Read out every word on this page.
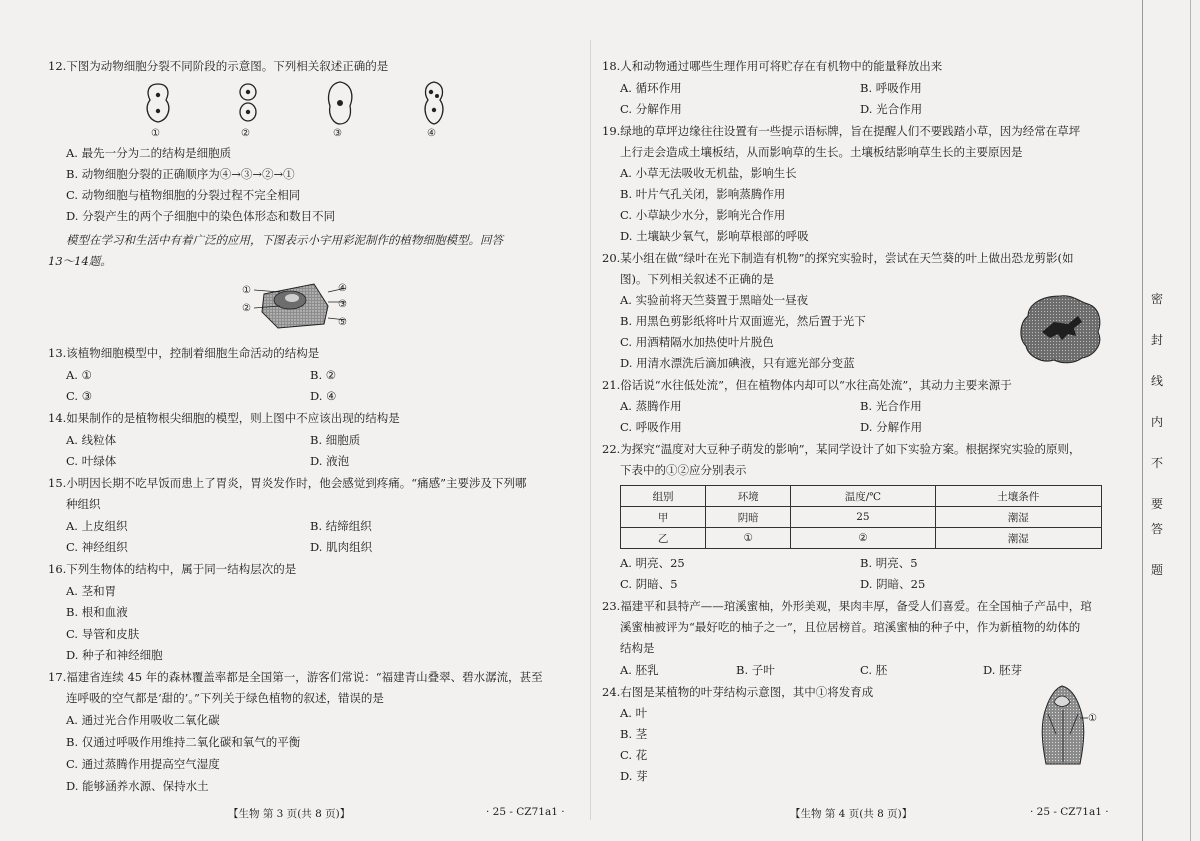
12.下图为动物细胞分裂不同阶段的示意图。下列相关叙述正确的是
①	②	③	④
A. 最先一分为二的结构是细胞质
B. 动物细胞分裂的正确顺序为④→③→②→①
C. 动物细胞与植物细胞的分裂过程不完全相同
D. 分裂产生的两个子细胞中的染色体形态和数目不同
模型在学习和生活中有着广泛的应用，下图表示小宇用彩泥制作的植物细胞模型。回答
13～14题。
①
②	③
④
⑤
13.该植物细胞模型中，控制着细胞生命活动的结构是
A. ①	B. ②
C. ③	D. ④
14.如果制作的是植物根尖细胞的模型，则上图中不应该出现的结构是
A. 线粒体	B. 细胞质
C. 叶绿体	D. 液泡
15.小明因长期不吃早饭而患上了胃炎，胃炎发作时，他会感觉到疼痛。“痛感”主要涉及下列哪
种组织
A. 上皮组织	B. 结缔组织
C. 神经组织	D. 肌肉组织
16.下列生物体的结构中，属于同一结构层次的是
A. 茎和胃
B. 根和血液
C. 导管和皮肤
D. 种子和神经细胞
17.福建省连续 45 年的森林覆盖率都是全国第一，游客们常说：“福建青山叠翠、碧水潺流，甚至
连呼吸的空气都是‘甜的’。”下列关于绿色植物的叙述，错误的是
A. 通过光合作用吸收二氧化碳
B. 仅通过呼吸作用维持二氧化碳和氧气的平衡
C. 通过蒸腾作用提高空气湿度
D. 能够涵养水源、保持水土
【生物 第 3 页(共 8 页)】	· 25 - CZ71a1 ·
18.人和动物通过哪些生理作用可将贮存在有机物中的能量释放出来
A. 循环作用	B. 呼吸作用
C. 分解作用	D. 光合作用
19.绿地的草坪边缘往往设置有一些提示语标牌，旨在提醒人们不要践踏小草，因为经常在草坪
上行走会造成土壤板结，从而影响草的生长。土壤板结影响草生长的主要原因是
A. 小草无法吸收无机盐，影响生长
B. 叶片气孔关闭，影响蒸腾作用
C. 小草缺少水分，影响光合作用
D. 土壤缺少氧气，影响草根部的呼吸
20.某小组在做“绿叶在光下制造有机物”的探究实验时，尝试在天竺葵的叶上做出恐龙剪影(如
图)。下列相关叙述不正确的是
A. 实验前将天竺葵置于黑暗处一昼夜
B. 用黑色剪影纸将叶片双面遮光，然后置于光下
C. 用酒精隔水加热使叶片脱色
D. 用清水漂洗后滴加碘液，只有遮光部分变蓝
21.俗话说“水往低处流”，但在植物体内却可以“水往高处流”，其动力主要来源于
A. 蒸腾作用	B. 光合作用
C. 呼吸作用	D. 分解作用
22.为探究“温度对大豆种子萌发的影响”，某同学设计了如下实验方案。根据探究实验的原则，
下表中的①②应分别表示
组别	环境	温度/℃	土壤条件
甲	阴暗	25	潮湿
乙	①	②	潮湿
A. 明亮、25	B. 明亮、5
C. 阴暗、5	D. 阴暗、25
23.福建平和县特产——琯溪蜜柚，外形美观，果肉丰厚，备受人们喜爱。在全国柚子产品中，琯
溪蜜柚被评为“最好吃的柚子之一”，且位居榜首。琯溪蜜柚的种子中，作为新植物的幼体的
结构是
A. 胚乳	B. 子叶	C. 胚	D. 胚芽
24.右图是某植物的叶芽结构示意图，其中①将发育成
A. 叶
B. 茎
C. 花
D. 芽
①
【生物 第 4 页(共 8 页)】	· 25 - CZ71a1 ·
密
封
线
内
不
要
答
题
